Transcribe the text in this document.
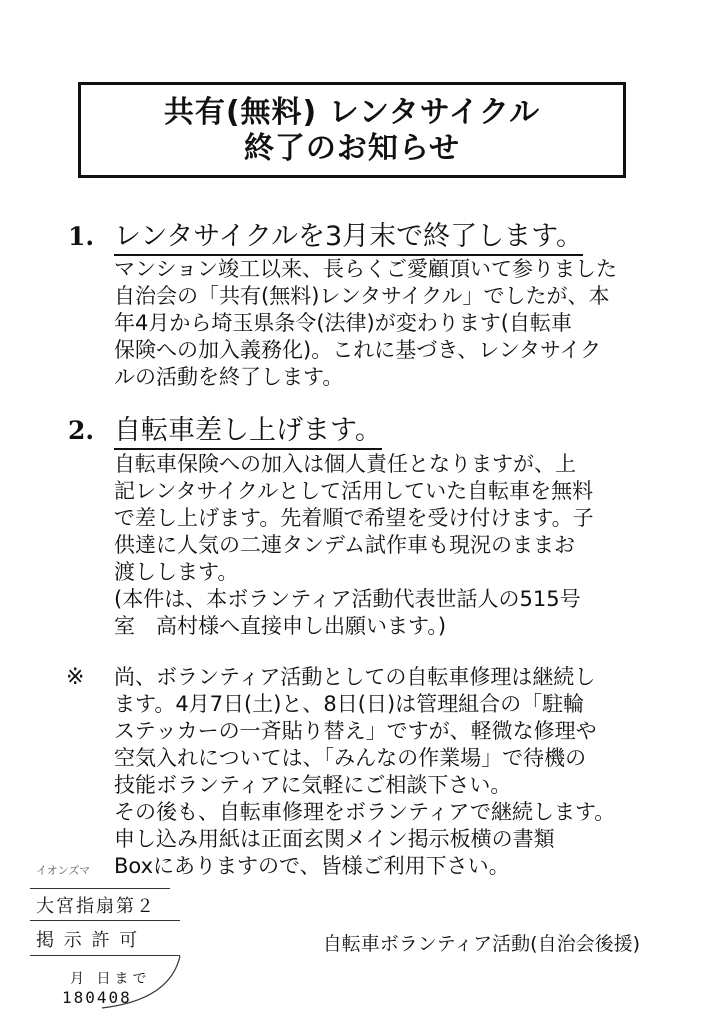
共有(無料) レンタサイクル
終了のお知らせ
1. レンタサイクルを3月末で終了します。
マンション竣工以来、長らくご愛顧頂いて参りました
自治会の「共有(無料)レンタサイクル」でしたが、本
年4月から埼玉県条令(法律)が変わります(自転車
保険への加入義務化)。これに基づき、レンタサイク
ルの活動を終了します。
2. 自転車差し上げます。
自転車保険への加入は個人責任となりますが、上
記レンタサイクルとして活用していた自転車を無料
で差し上げます。先着順で希望を受け付けます。子
供達に人気の二連タンデム試作車も現況のままお
渡しします。
(本件は、本ボランティア活動代表世話人の515号
室　高村様へ直接申し出願います。)
※ 尚、ボランティア活動としての自転車修理は継続し
ます。4月7日(土)と、8日(日)は管理組合の「駐輪
ステッカーの一斉貼り替え」ですが、軽微な修理や
空気入れについては、「みんなの作業場」で待機の
技能ボランティアに気軽にご相談下さい。
その後も、自転車修理をボランティアで継続します。
申し込み用紙は正面玄関メイン掲示板横の書類
Boxにありますので、皆様ご利用下さい。
自転車ボランティア活動(自治会後援)
イオンズマ
大宮指扇第２
掲 示 許 可
月 日まで
180408
